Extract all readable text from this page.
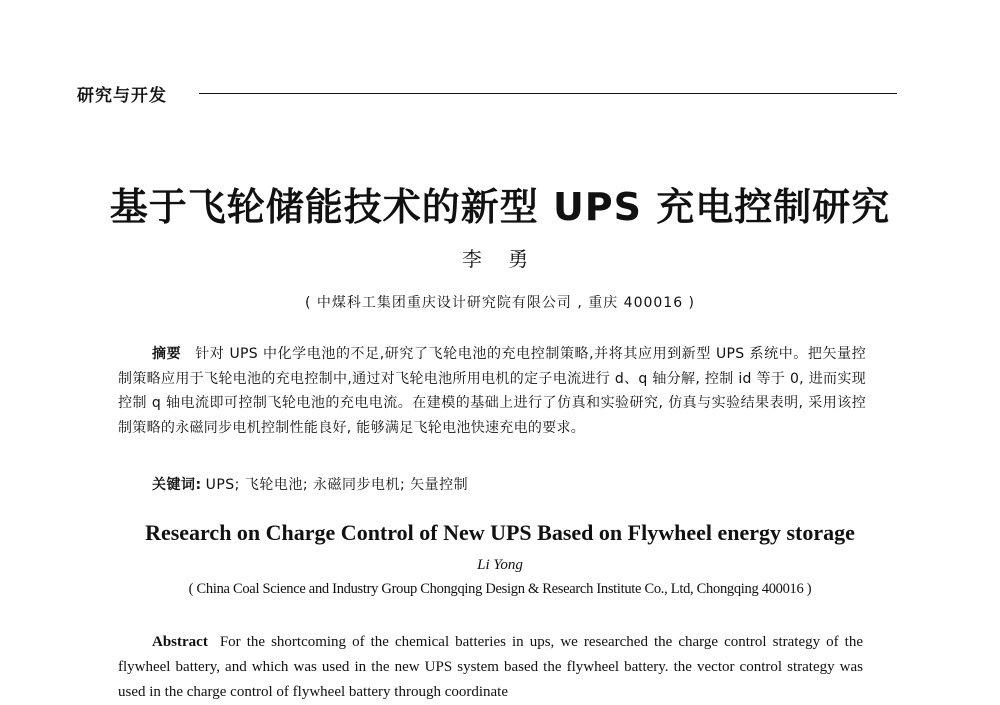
研究与开发
基于飞轮储能技术的新型 UPS 充电控制研究
李 勇
( 中煤科工集团重庆设计研究院有限公司 , 重庆 400016 )
摘要 针对 UPS 中化学电池的不足,研究了飞轮电池的充电控制策略,并将其应用到新型 UPS 系统中。把矢量控制策略应用于飞轮电池的充电控制中,通过对飞轮电池所用电机的定子电流进行 d、q 轴分解, 控制 id 等于 0, 进而实现控制 q 轴电流即可控制飞轮电池的充电电流。在建模的基础上进行了仿真和实验研究, 仿真与实验结果表明, 采用该控制策略的永磁同步电机控制性能良好, 能够满足飞轮电池快速充电的要求。
关键词: UPS; 飞轮电池; 永磁同步电机; 矢量控制
Research on Charge Control of New UPS Based on Flywheel energy storage
Li Yong
( China Coal Science and Industry Group Chongqing Design & Research Institute Co., Ltd, Chongqing 400016 )
Abstract For the shortcoming of the chemical batteries in ups, we researched the charge control strategy of the flywheel battery, and which was used in the new UPS system based the flywheel battery. the vector control strategy was used in the charge control of flywheel battery through coordinate
